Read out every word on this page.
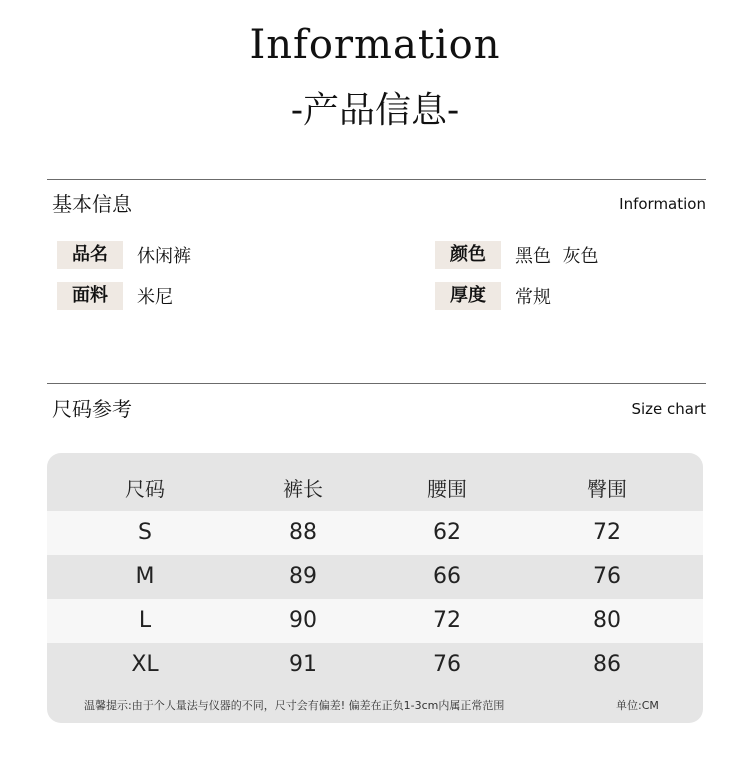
Information
-产品信息-
基本信息	Information
品名	休闲裤	颜色	黑色  灰色
面料	米尼	厚度	常规
尺码参考	Size chart
尺码	裤长	腰围	臀围
S	88	62	72
M	89	66	76
L	90	72	80
XL	91	76	86
温馨提示:由于个人量法与仪器的不同，尺寸会有偏差! 偏差在正负1-3cm内属正常范围	单位:CM
